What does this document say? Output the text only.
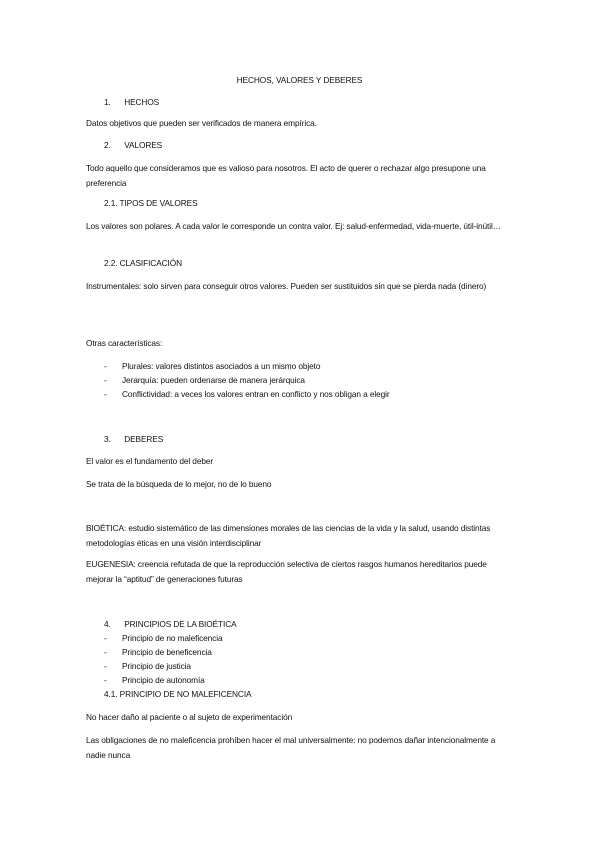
HECHOS, VALORES Y DEBERES
1. HECHOS
Datos objetivos que pueden ser verificados de manera empírica.
2. VALORES
Todo aquello que consideramos que es valioso para nosotros. El acto de querer o rechazar algo presupone una preferencia
2.1. TIPOS DE VALORES
Los valores son polares. A cada valor le corresponde un contra valor. Ej: salud-enfermedad, vida-muerte, útil-inútil…
2.2. CLASIFICACIÓN
Instrumentales: solo sirven para conseguir otros valores. Pueden ser sustituidos sin que se pierda nada (dinero)
Otras características:
- Plurales: valores distintos asociados a un mismo objeto
- Jerarquía: pueden ordenarse de manera jerárquica
- Conflictividad: a veces los valores entran en conflicto y nos obligan a elegir
3. DEBERES
El valor es el fundamento del deber
Se trata de la búsqueda de lo mejor, no de lo bueno
BIOÉTICA: estudio sistemático de las dimensiones morales de las ciencias de la vida y la salud, usando distintas metodologías éticas en una visión interdisciplinar
EUGENESIA: creencia refutada de que la reproducción selectiva de ciertos rasgos humanos hereditarios puede mejorar la “aptitud” de generaciones futuras
4. PRINCIPIOS DE LA BIOÉTICA
- Principio de no maleficencia
- Principio de beneficencia
- Principio de justicia
- Principio de autonomía
4.1. PRINCIPIO DE NO MALEFICENCIA
No hacer daño al paciente o al sujeto de experimentación
Las obligaciones de no maleficencia prohíben hacer el mal universalmente: no podemos dañar intencionalmente a nadie nunca
